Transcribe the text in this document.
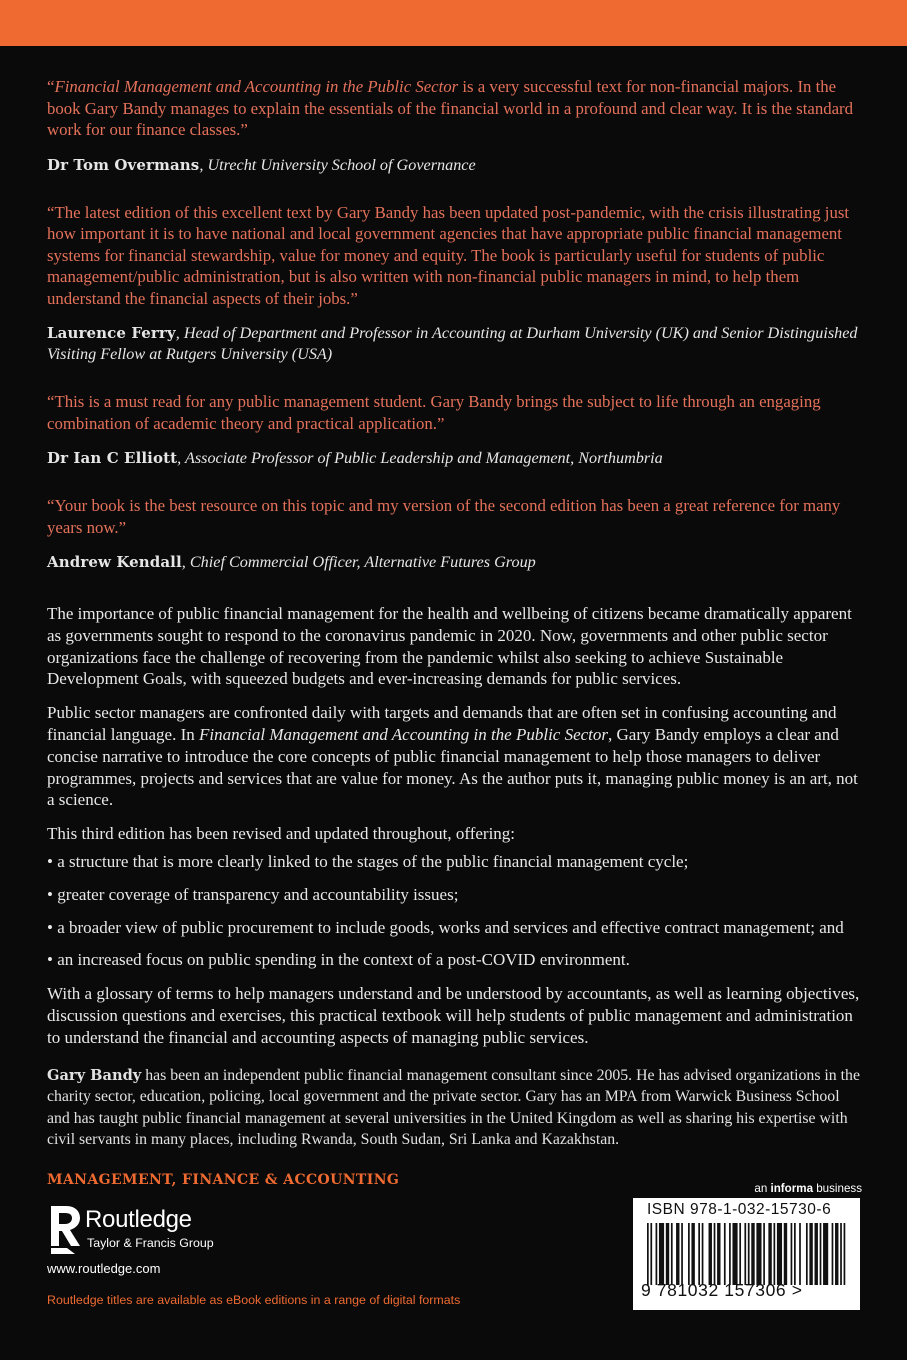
“Financial Management and Accounting in the Public Sector is a very successful text for non-financial majors. In the book Gary Bandy manages to explain the essentials of the financial world in a profound and clear way. It is the standard work for our finance classes.”

Dr Tom Overmans, Utrecht University School of Governance

“The latest edition of this excellent text by Gary Bandy has been updated post-pandemic, with the crisis illustrating just how important it is to have national and local government agencies that have appropriate public financial management systems for financial stewardship, value for money and equity. The book is particularly useful for students of public management/public administration, but is also written with non-financial public managers in mind, to help them understand the financial aspects of their jobs.”

Laurence Ferry, Head of Department and Professor in Accounting at Durham University (UK) and Senior Distinguished Visiting Fellow at Rutgers University (USA)

“This is a must read for any public management student. Gary Bandy brings the subject to life through an engaging combination of academic theory and practical application.”

Dr Ian C Elliott, Associate Professor of Public Leadership and Management, Northumbria

“Your book is the best resource on this topic and my version of the second edition has been a great reference for many years now.”

Andrew Kendall, Chief Commercial Officer, Alternative Futures Group

The importance of public financial management for the health and wellbeing of citizens became dramatically apparent as governments sought to respond to the coronavirus pandemic in 2020. Now, governments and other public sector organizations face the challenge of recovering from the pandemic whilst also seeking to achieve Sustainable Development Goals, with squeezed budgets and ever-increasing demands for public services.

Public sector managers are confronted daily with targets and demands that are often set in confusing accounting and financial language. In Financial Management and Accounting in the Public Sector, Gary Bandy employs a clear and concise narrative to introduce the core concepts of public financial management to help those managers to deliver programmes, projects and services that are value for money. As the author puts it, managing public money is an art, not a science.

This third edition has been revised and updated throughout, offering:

• a structure that is more clearly linked to the stages of the public financial management cycle;

• greater coverage of transparency and accountability issues;

• a broader view of public procurement to include goods, works and services and effective contract management; and

• an increased focus on public spending in the context of a post-COVID environment.

With a glossary of terms to help managers understand and be understood by accountants, as well as learning objectives, discussion questions and exercises, this practical textbook will help students of public management and administration to understand the financial and accounting aspects of managing public services.

Gary Bandy has been an independent public financial management consultant since 2005. He has advised organizations in the charity sector, education, policing, local government and the private sector. Gary has an MPA from Warwick Business School and has taught public financial management at several universities in the United Kingdom as well as sharing his expertise with civil servants in many places, including Rwanda, South Sudan, Sri Lanka and Kazakhstan.

MANAGEMENT, FINANCE & ACCOUNTING
Routledge
Taylor & Francis Group
www.routledge.com
Routledge titles are available as eBook editions in a range of digital formats
an informa business
ISBN 978-1-032-15730-6
9 781032 157306 >
